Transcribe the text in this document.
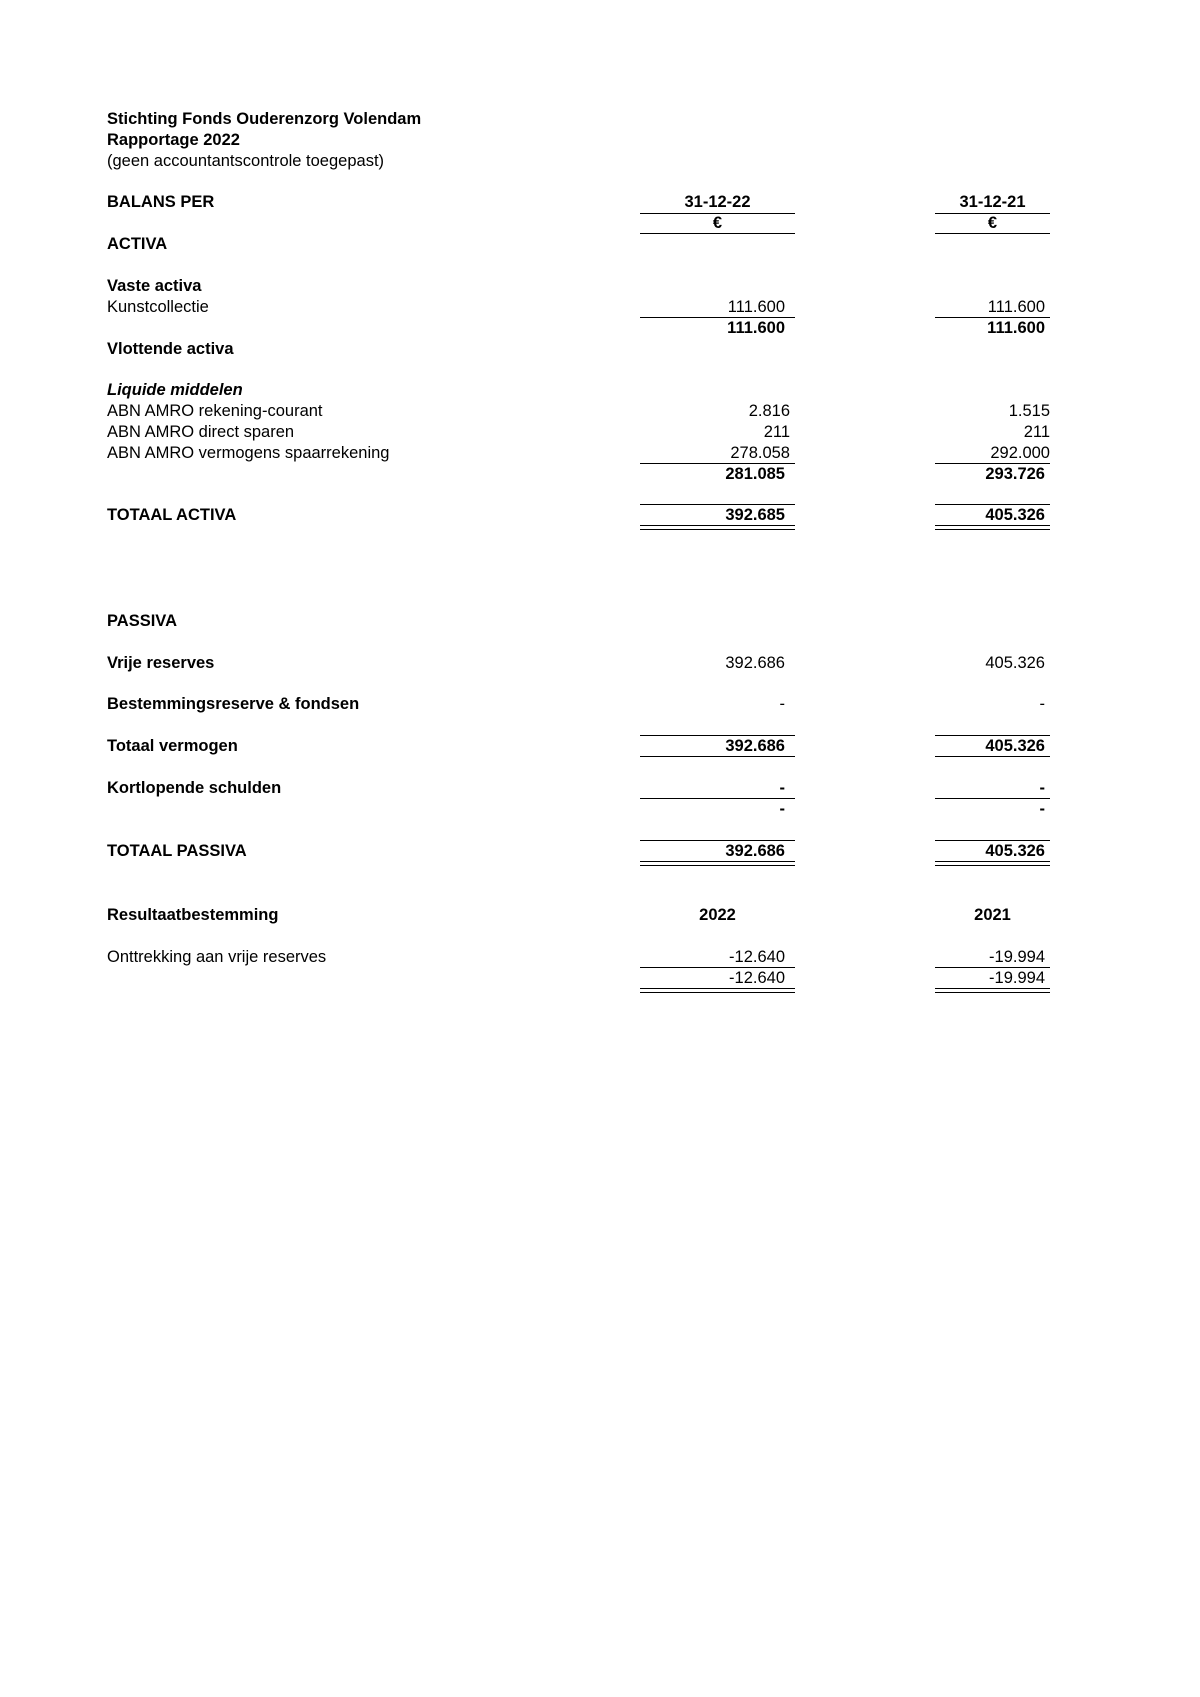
Stichting Fonds Ouderenzorg Volendam
Rapportage 2022
(geen accountantscontrole toegepast)
BALANS PER	31-12-22	31-12-21
€	€
ACTIVA
Vaste activa
Kunstcollectie	111.600	111.600
111.600	111.600
Vlottende activa
Liquide middelen
ABN AMRO rekening-courant	2.816	1.515
ABN AMRO direct sparen	211	211
ABN AMRO vermogens spaarrekening	278.058	292.000
281.085	293.726
TOTAAL ACTIVA	392.685	405.326
PASSIVA
Vrije reserves	392.686	405.326
Bestemmingsreserve & fondsen	-	-
Totaal vermogen	392.686	405.326
Kortlopende schulden	-	-
-	-
TOTAAL PASSIVA	392.686	405.326
Resultaatbestemming	2022	2021
Onttrekking aan vrije reserves	-12.640	-19.994
-12.640	-19.994
